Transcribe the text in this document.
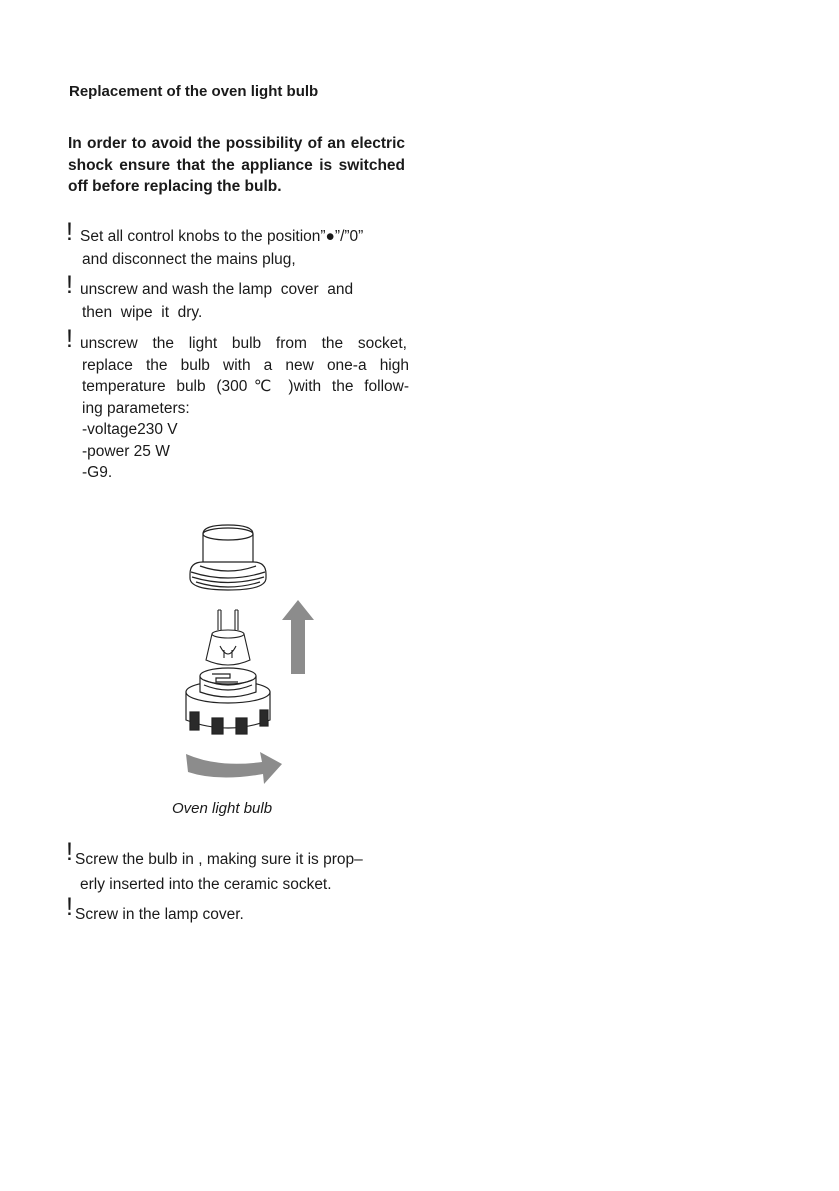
Replacement of the oven light bulb

In order to avoid the possibility of an electric shock ensure that the appliance is switched off before replacing the bulb.

! Set all control knobs to the position”●”/”0”
and disconnect the mains plug,

! unscrew and wash the lamp  cover  and
then  wipe  it  dry.

! unscrew the light bulb from the socket,
replace the bulb with a new one-a high
temperature bulb (300℃ )with the follow-
ing parameters:
-voltage230 V
-power 25 W
-G9.

Oven light bulb

! Screw the bulb in , making sure it is prop–
erly inserted into the ceramic socket.

! Screw in the lamp cover.
